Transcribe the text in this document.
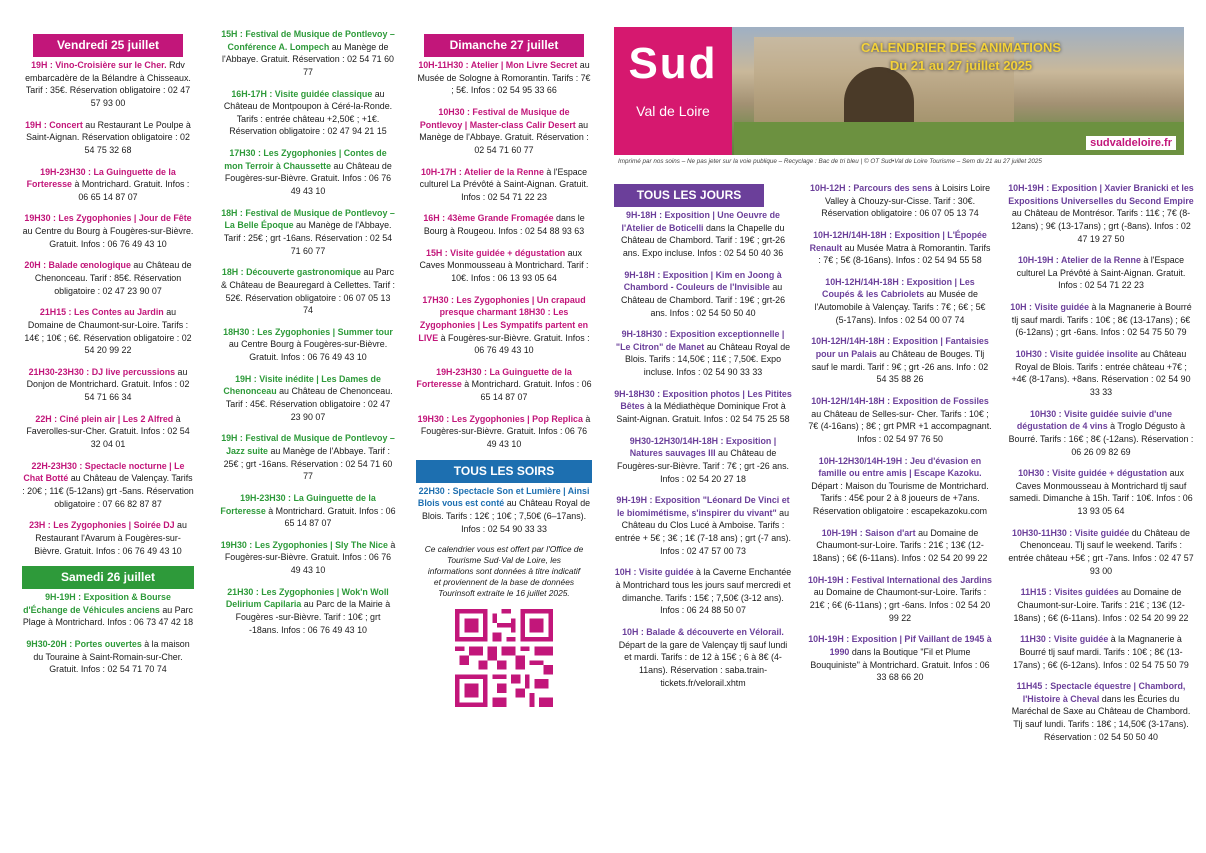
Vendredi 25 juillet
19H : Vino-Croisière sur le Cher. Rdv embarcadère de la Bélandre à Chisseaux. Tarif : 35€. Réservation obligatoire : 02 47 57 93 00
19H : Concert au Restaurant Le Poulpe à Saint-Aignan. Réservation obligatoire : 02 54 75 32 68
19H-23H30 : La Guinguette de la Forteresse à Montrichard. Gratuit. Infos : 06 65 14 87 07
19H30 : Les Zygophonies | Jour de Fête au Centre du Bourg à Fougères-sur-Bièvre. Gratuit. Infos : 06 76 49 43 10
20H : Balade œnologique au Château de Chenonceau. Tarif : 85€. Réservation obligatoire : 02 47 23 90 07
21H15 : Les Contes au Jardin au Domaine de Chaumont-sur-Loire. Tarifs : 14€ ; 10€ ; 6€. Réservation obligatoire : 02 54 20 99 22
21H30-23H30 : DJ live percussions au Donjon de Montrichard. Gratuit. Infos : 02 54 71 66 34
22H : Ciné plein air | Les 2 Alfred à Faverolles-sur-Cher. Gratuit. Infos : 02 54 32 04 01
22H-23H30 : Spectacle nocturne | Le Chat Botté au Château de Valençay. Tarifs : 20€ ; 11€ (5-12ans) grt -5ans. Réservation obligatoire : 07 66 82 87 87
23H : Les Zygophonies | Soirée DJ au Restaurant l'Avarum à Fougères-sur-Bièvre. Gratuit. Infos : 06 76 49 43 10
Samedi 26 juillet
9H-19H : Exposition & Bourse d'Échange de Véhicules anciens au Parc Plage à Montrichard. Infos : 06 73 47 42 18
9H30-20H : Portes ouvertes à la maison du Touraine à Saint-Romain-sur-Cher. Gratuit. Infos : 02 54 71 70 74
15H : Festival de Musique de Pontlevoy – Conférence A. Lompech au Manège de l'Abbaye. Gratuit. Réservation : 02 54 71 60 77
16H-17H : Visite guidée classique au Château de Montpoupon à Céré-la-Ronde. Tarifs : entrée château +2,50€ ; +1€. Réservation obligatoire : 02 47 94 21 15
17H30 : Les Zygophonies | Contes de mon Terroir à Chaussette au Château de Fougères-sur-Bièvre. Gratuit. Infos : 06 76 49 43 10
18H : Festival de Musique de Pontlevoy – La Belle Époque au Manège de l'Abbaye. Tarif : 25€ ; grt -16ans. Réservation : 02 54 71 60 77
18H : Découverte gastronomique au Parc & Château de Beauregard à Cellettes. Tarif : 52€. Réservation obligatoire : 06 07 05 13 74
18H30 : Les Zygophonies | Summer tour au Centre Bourg à Fougères-sur-Bièvre. Gratuit. Infos : 06 76 49 43 10
19H : Visite inédite | Les Dames de Chenonceau au Château de Chenonceau. Tarif : 45€. Réservation obligatoire : 02 47 23 90 07
19H : Festival de Musique de Pontlevoy – Jazz suite au Manège de l'Abbaye. Tarif : 25€ ; grt -16ans. Réservation : 02 54 71 60 77
19H-23H30 : La Guinguette de la Forteresse à Montrichard. Gratuit. Infos : 06 65 14 87 07
19H30 : Les Zygophonies | Sly The Nice à Fougères-sur-Bièvre. Gratuit. Infos : 06 76 49 43 10
21H30 : Les Zygophonies | Wok'n Woll Delirium Capilaria au Parc de la Mairie à Fougères -sur-Bièvre. Tarif : 10€ ; grt -18ans. Infos : 06 76 49 43 10
Dimanche 27 juillet
10H-11H30 : Atelier | Mon Livre Secret au Musée de Sologne à Romorantin. Tarifs : 7€ ; 5€. Infos : 02 54 95 33 66
10H30 : Festival de Musique de Pontlevoy | Master-class Calir Desert au Manège de l'Abbaye. Gratuit. Réservation : 02 54 71 60 77
10H-17H : Atelier de la Renne à l'Espace culturel La Prévôté à Saint-Aignan. Gratuit. Infos : 02 54 71 22 23
16H : 43ème Grande Fromagée dans le Bourg à Rougeou. Infos : 02 54 88 93 63
15H : Visite guidée + dégustation aux Caves Monmousseau à Montrichard. Tarif : 10€. Infos : 06 13 93 05 64
17H30 : Les Zygophonies | Un crapaud presque charmant 18H30 : Les Zygophonies | Les Sympatifs partent en LIVE à Fougères-sur-Bièvre. Gratuit. Infos : 06 76 49 43 10
19H-23H30 : La Guinguette de la Forteresse à Montrichard. Gratuit. Infos : 06 65 14 87 07
19H30 : Les Zygophonies | Pop Replica à Fougères-sur-Bièvre. Gratuit. Infos : 06 76 49 43 10
TOUS LES SOIRS
22H30 : Spectacle Son et Lumière | Ainsi Blois vous est conté au Château Royal de Blois. Tarifs : 12€ ; 10€ ; 7,50€ (6–17ans). Infos : 02 54 90 33 33
Ce calendrier vous est offert par l'Office de Tourisme Sud·Val de Loire, les informations sont données à titre indicatif et proviennent de la base de données Tourinsoft extraite le 16 juillet 2025.
Sud
Val de Loire
CALENDRIER DES ANIMATIONS
Du 21 au 27 juillet 2025
sudvaldeloire.fr
Imprimé par nos soins – Ne pas jeter sur la voie publique – Recyclage : Bac de tri bleu | © OT Sud•Val de Loire Tourisme – Sem du 21 au 27 juillet 2025
TOUS LES JOURS
9H-18H : Exposition | Une Oeuvre de l'Atelier de Boticelli dans la Chapelle du Château de Chambord. Tarif : 19€ ; grt-26 ans. Expo incluse. Infos : 02 54 50 40 36
9H-18H : Exposition | Kim en Joong à Chambord - Couleurs de l'Invisible au Château de Chambord. Tarif : 19€ ; grt-26 ans. Infos : 02 54 50 50 40
9H-18H30 : Exposition exceptionnelle | "Le Citron" de Manet au Château Royal de Blois. Tarifs : 14,50€ ; 11€ ; 7,50€. Expo incluse. Infos : 02 54 90 33 33
9H-18H30 : Exposition photos | Les Pitites Bêtes à la Médiathèque Dominique Frot à Saint-Aignan. Gratuit. Infos : 02 54 75 25 58
9H30-12H30/14H-18H : Exposition | Natures sauvages III au Château de Fougères-sur-Bièvre. Tarif : 7€ ; grt -26 ans. Infos : 02 54 20 27 18
9H-19H : Exposition "Léonard De Vinci et le biomimétisme, s'inspirer du vivant" au Château du Clos Lucé à Amboise. Tarifs : entrée + 5€ ; 3€ ; 1€ (7-18 ans) ; grt (-7 ans). Infos : 02 47 57 00 73
10H : Visite guidée à la Caverne Enchantée à Montrichard tous les jours sauf mercredi et dimanche. Tarifs : 15€ ; 7,50€ (3-12 ans). Infos : 06 24 88 50 07
10H : Balade & découverte en Vélorail. Départ de la gare de Valençay tlj sauf lundi et mardi. Tarifs : de 12 à 15€ ; 6 à 8€ (4-11ans). Réservation : saba.train-tickets.fr/velorail.xhtm
10H-12H : Parcours des sens à Loisirs Loire Valley à Chouzy-sur-Cisse. Tarif : 30€. Réservation obligatoire : 06 07 05 13 74
10H-12H/14H-18H : Exposition | L'Épopée Renault au Musée Matra à Romorantin. Tarifs : 7€ ; 5€ (8-16ans). Infos : 02 54 94 55 58
10H-12H/14H-18H : Exposition | Les Coupés & les Cabriolets au Musée de l'Automobile à Valençay. Tarifs : 7€ ; 6€ ; 5€ (5-17ans). Infos : 02 54 00 07 74
10H-12H/14H-18H : Exposition | Fantaisies pour un Palais au Château de Bouges. Tlj sauf le mardi. Tarif : 9€ ; grt -26 ans. Info : 02 54 35 88 26
10H-12H/14H-18H : Exposition de Fossiles au Château de Selles-sur- Cher. Tarifs : 10€ ; 7€ (4-16ans) ; 8€ ; grt PMR +1 accompagnant. Infos : 02 54 97 76 50
10H-12H30/14H-19H : Jeu d'évasion en famille ou entre amis | Escape Kazoku. Départ : Maison du Tourisme de Montrichard. Tarifs : 45€ pour 2 à 8 joueurs de +7ans. Réservation obligatoire : escapekazoku.com
10H-19H : Saison d'art au Domaine de Chaumont-sur-Loire. Tarifs : 21€ ; 13€ (12-18ans) ; 6€ (6-11ans). Infos : 02 54 20 99 22
10H-19H : Festival International des Jardins au Domaine de Chaumont-sur-Loire. Tarifs : 21€ ; 6€ (6-11ans) ; grt -6ans. Infos : 02 54 20 99 22
10H-19H : Exposition | Pif Vaillant de 1945 à 1990 dans la Boutique "Fil et Plume Bouquiniste" à Montrichard. Gratuit. Infos : 06 33 68 66 20
10H-19H : Exposition | Xavier Branicki et les Expositions Universelles du Second Empire au Château de Montrésor. Tarifs : 11€ ; 7€ (8-12ans) ; 9€ (13-17ans) ; grt (-8ans). Infos : 02 47 19 27 50
10H-19H : Atelier de la Renne à l'Espace culturel La Prévôté à Saint-Aignan. Gratuit. Infos : 02 54 71 22 23
10H : Visite guidée à la Magnanerie à Bourré tlj sauf mardi. Tarifs : 10€ ; 8€ (13-17ans) ; 6€ (6-12ans) ; grt -6ans. Infos : 02 54 75 50 79
10H30 : Visite guidée insolite au Château Royal de Blois. Tarifs : entrée château +7€ ; +4€ (8-17ans). +8ans. Réservation : 02 54 90 33 33
10H30 : Visite guidée suivie d'une dégustation de 4 vins à Troglo Dégusto à Bourré. Tarifs : 16€ ; 8€ (-12ans). Réservation : 06 26 09 82 69
10H30 : Visite guidée + dégustation aux Caves Monmousseau à Montrichard tlj sauf samedi. Dimanche à 15h. Tarif : 10€. Infos : 06 13 93 05 64
10H30-11H30 : Visite guidée du Château de Chenonceau. Tlj sauf le weekend. Tarifs : entrée château +5€ ; grt -7ans. Infos : 02 47 57 93 00
11H15 : Visites guidées au Domaine de Chaumont-sur-Loire. Tarifs : 21€ ; 13€ (12-18ans) ; 6€ (6-11ans). Infos : 02 54 20 99 22
11H30 : Visite guidée à la Magnanerie à Bourré tlj sauf mardi. Tarifs : 10€ ; 8€ (13-17ans) ; 6€ (6-12ans). Infos : 02 54 75 50 79
11H45 : Spectacle équestre | Chambord, l'Histoire à Cheval dans les Écuries du Maréchal de Saxe au Château de Chambord. Tlj sauf lundi. Tarifs : 18€ ; 14,50€ (3-17ans). Réservation : 02 54 50 50 40
